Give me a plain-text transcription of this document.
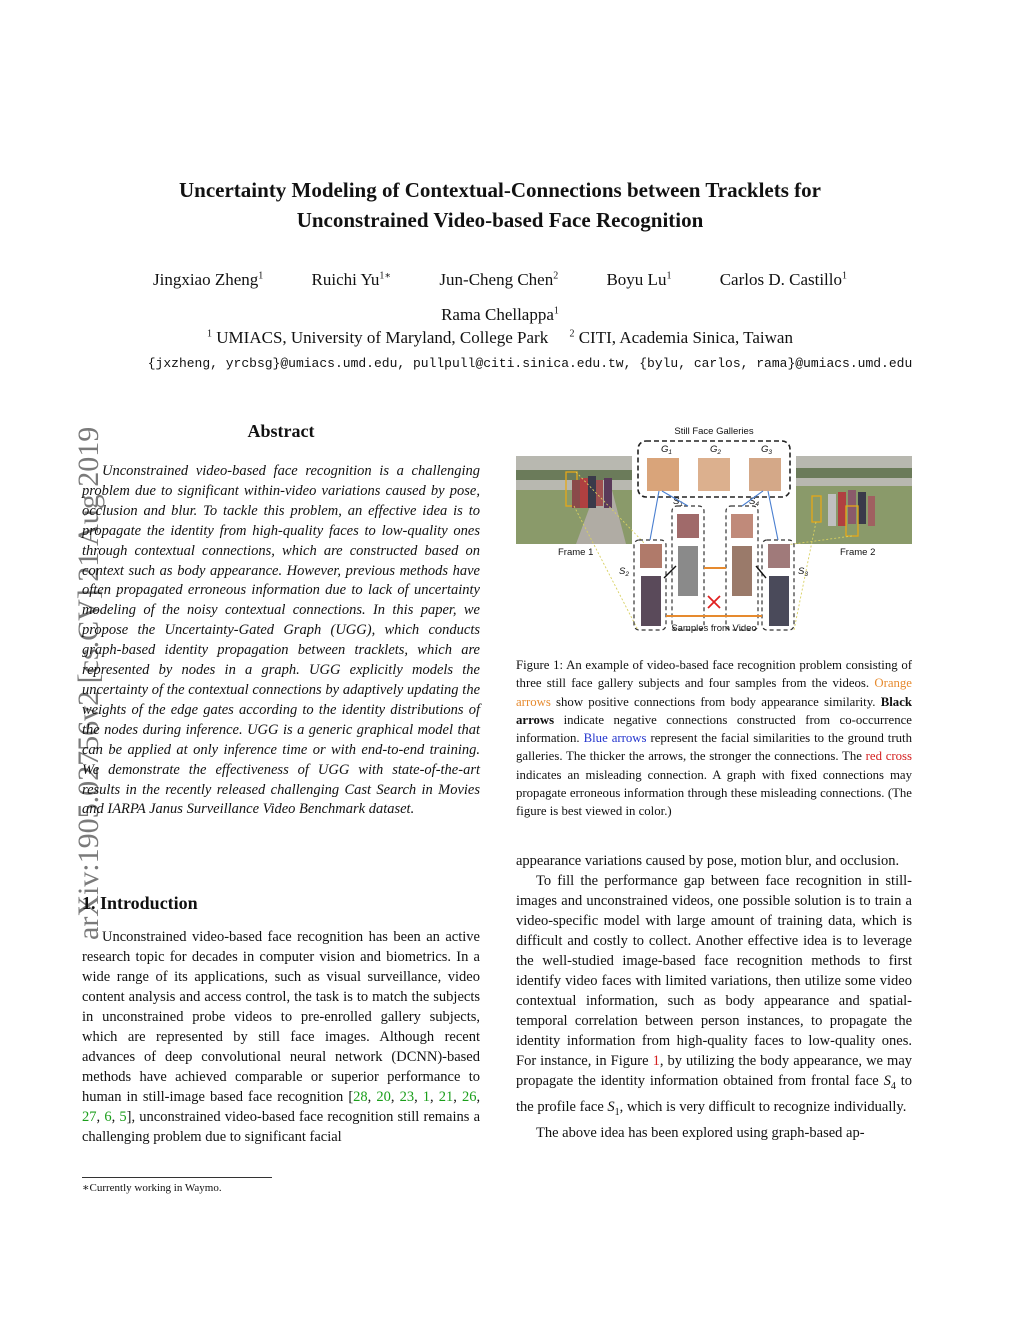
arXiv:1905.02756v2 [cs.CV] 21 Aug 2019
Uncertainty Modeling of Contextual-Connections between Tracklets for
Unconstrained Video-based Face Recognition
Jingxiao Zheng$^1$	Ruichi $Yu^{1∗}$	Jun-Cheng Chen$^2$	Boyu Lu$^1$	Carlos D. Castillo$^1$
Rama Chellappa$^1$
$^1$ UMIACS, University of Maryland, College Park $^2$ CITI, Academia Sinica, Taiwan
{jxzheng, yrcbsg}@umiacs.umd.edu, pullpull@citi.sinica.edu.tw, {bylu, carlos, rama}@umiacs.umd.edu
Abstract
Unconstrained video-based face recognition is a challenging problem due to significant within-video variations caused by pose, occlusion and blur. To tackle this problem, an effective idea is to propagate the identity from high-quality faces to low-quality ones through contextual connections, which are constructed based on context such as body appearance. However, previous methods have often propagated erroneous information due to lack of uncertainty modeling of the noisy contextual connections. In this paper, we propose the Uncertainty-Gated Graph (UGG), which conducts graph-based identity propagation between tracklets, which are represented by nodes in a graph. UGG explicitly models the uncertainty of the contextual connections by adaptively updating the weights of the edge gates according to the identity distributions of the nodes during inference. UGG is a generic graphical model that can be applied at only inference time or with end-to-end training. We demonstrate the effectiveness of UGG with state-of-the-art results in the recently released challenging Cast Search in Movies and IARPA Janus Surveillance Video Benchmark dataset.
1. Introduction
Unconstrained video-based face recognition has been an active research topic for decades in computer vision and biometrics. In a wide range of its applications, such as visual surveillance, video content analysis and access control, the task is to match the subjects in unconstrained probe videos to pre-enrolled gallery subjects, which are represented by still face images. Although recent advances of deep convolutional neural network (DCNN)-based methods have achieved comparable or superior performance to human in still-image based face recognition [28, 20, 23, 1, 21, 26, 27, 6, 5], unconstrained video-based face recognition still remains a challenging problem due to significant facial
∗Currently working in Waymo.
Still Face Galleries
$G_1$	$G_2$	$G_3$
$S_1$
$S_2$	$S_3$
$S_4$
Frame 1	Frame 2
Samples from Video
Figure 1: An example of video-based face recognition problem consisting of three still face gallery subjects and four samples from the videos. Orange arrows show positive connections from body appearance similarity. Black arrows indicate negative connections constructed from co-occurrence information. Blue arrows represent the facial similarities to the ground truth galleries. The thicker the arrows, the stronger the connections. The red cross indicates an misleading connection. A graph with fixed connections may propagate erroneous information through these misleading connections. (The figure is best viewed in color.)

appearance variations caused by pose, motion blur, and occlusion.

To fill the performance gap between face recognition in still-images and unconstrained videos, one possible solution is to train a video-specific model with large amount of training data, which is difficult and costly to collect. Another effective idea is to leverage the well-studied image-based face recognition methods to first identify video faces with limited variations, then utilize some video contextual information, such as body appearance and spatial-temporal correlation between person instances, to propagate the identity information from high-quality faces to low-quality ones. For instance, in Figure 1, by utilizing the body appearance, we may propagate the identity information obtained from frontal face $S_4$ to the profile face $S_1$, which is very difficult to recognize individually.

The above idea has been explored using graph-based ap-
